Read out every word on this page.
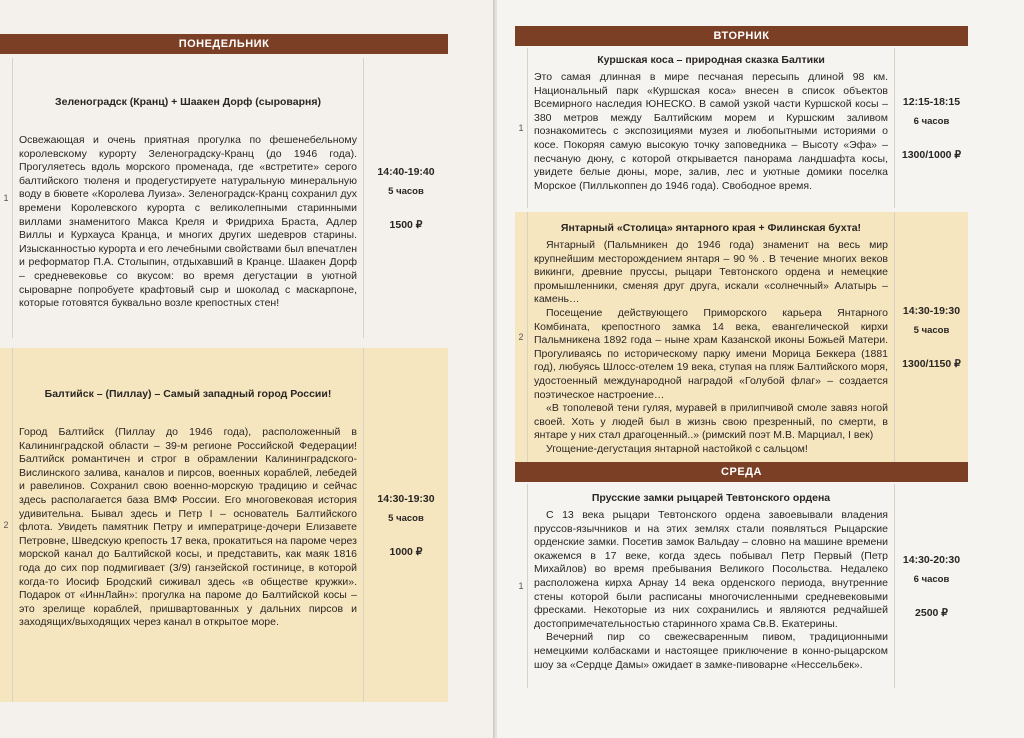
ПОНЕДЕЛЬНИК
1
Зеленоградск (Кранц) + Шаакен Дорф (сыроварня)
Освежающая и очень приятная прогулка по фешенебельному королевскому курорту Зеленоградску-Кранц (до 1946 года). Прогуляетесь вдоль морского променада, где «встретите» серого балтийского тюленя и продегустируете натуральную минеральную воду в бювете «Королева Луиза». Зеленоградск-Кранц сохранил дух времени Королевского курорта с великолепными старинными виллами знаменитого Макса Креля и Фридриха Браста, Адлер Виллы и Курхауса Кранца, и многих других шедевров старины. Изысканностью курорта и его лечебными свойствами был впечатлен и реформатор П.А. Столыпин, отдыхавший в Кранце. Шаакен Дорф – средневековье со вкусом: во время дегустации в уютной сыроварне попробуете крафтовый сыр и шоколад с маскарпоне, которые готовятся буквально возле крепостных стен!
14:40-19:40
5 часов
1500 ₽
2
Балтийск – (Пиллау) – Самый западный город России!
Город Балтийск (Пиллау до 1946 года), расположенный в Калининградской области – 39-м регионе Российской Федерации! Балтийск романтичен и строг в обрамлении Калининградского-Вислинского залива, каналов и пирсов, военных кораблей, лебедей и равелинов. Сохранил свою военно-морскую традицию и сейчас здесь располагается база ВМФ России. Его многовековая история удивительна. Бывал здесь и Петр I – основатель Балтийского флота. Увидеть памятник Петру и императрице-дочери Елизавете Петровне, Шведскую крепость 17 века, прокатиться на пароме через морской канал до Балтийской косы, и представить, как маяк 1816 года до сих пор подмигивает (3/9) ганзейской гостинице, в которой когда-то Иосиф Бродский сиживал здесь «в обществе кружки». Подарок от «ИннЛайн»: прогулка на пароме до Балтийской косы – это зрелище кораблей, пришвартованных у дальних пирсов и заходящих/выходящих через канал в открытое море.
14:30-19:30
5 часов
1000 ₽
ВТОРНИК
1
Куршская коса – природная сказка Балтики
Это самая длинная в мире песчаная пересыпь длиной 98 км. Национальный парк «Куршская коса» внесен в список объектов Всемирного наследия ЮНЕСКО. В самой узкой части Куршской косы – 380 метров между Балтийским морем и Куршским заливом познакомитесь с экспозициями музея и любопытными историями о косе. Покоряя самую высокую точку заповедника – Высоту «Эфа» – песчаную дюну, с которой открывается панорама ландшафта косы, увидете белые дюны, море, залив, лес и уютные домики поселка Морское (Пиллькоппен до 1946 года). Свободное время.
12:15-18:15
6 часов
1300/1000 ₽
2
Янтарный «Столица» янтарного края + Филинская бухта!

Янтарный (Пальмникен до 1946 года) знаменит на весь мир крупнейшим месторождением янтаря – 90 % . В течение многих веков викинги, древние пруссы, рыцари Тевтонского ордена и немецкие промышленники, сменяя друг друга, искали «солнечный» Алатырь – камень…

Посещение действующего Приморского карьера Янтарного Комбината, крепостного замка 14 века, евангелической кирхи Пальмникена 1892 года – ныне храм Казанской иконы Божьей Матери. Прогуливаясь по историческому парку имени Морица Беккера (1881 год), любуясь Шлосс-отелем 19 века, ступая на пляж Балтийского моря, удостоенный международной наградой «Голубой флаг» – создается поэтическое настроение…

«В тополевой тени гуляя, муравей в прилипчивой смоле завяз ногой своей. Хоть у людей был в жизнь свою презренный, по смерти, в янтаре у них стал драгоценный..» (римский поэт М.В. Марциал, I век)

Угощение-дегустация янтарной настойкой с сальцом!

14:30-19:30
5 часов
1300/1150 ₽
СРЕДА
1
Прусские замки рыцарей Тевтонского ордена

С 13 века рыцари Тевтонского ордена завоевывали владения пруссов-язычников и на этих землях стали появляться Рыцарские орденские замки. Посетив замок Вальдау – словно на машине времени окажемся в 17 веке, когда здесь побывал Петр Первый (Петр Михайлов) во время пребывания Великого Посольства. Недалеко расположена кирха Арнау 14 века орденского периода, внутренние стены которой были расписаны многочисленными средневековыми фресками. Некоторые из них сохранились и являются редчайшей достопримечательностью старинного храма Св.В. Екатерины.

Вечерний пир со свежесваренным пивом, традиционными немецкими колбасками и настоящее приключение в конно-рыцарском шоу за «Сердце Дамы» ожидает в замке-пивоварне «Нессельбек».

14:30-20:30
6 часов
2500 ₽
